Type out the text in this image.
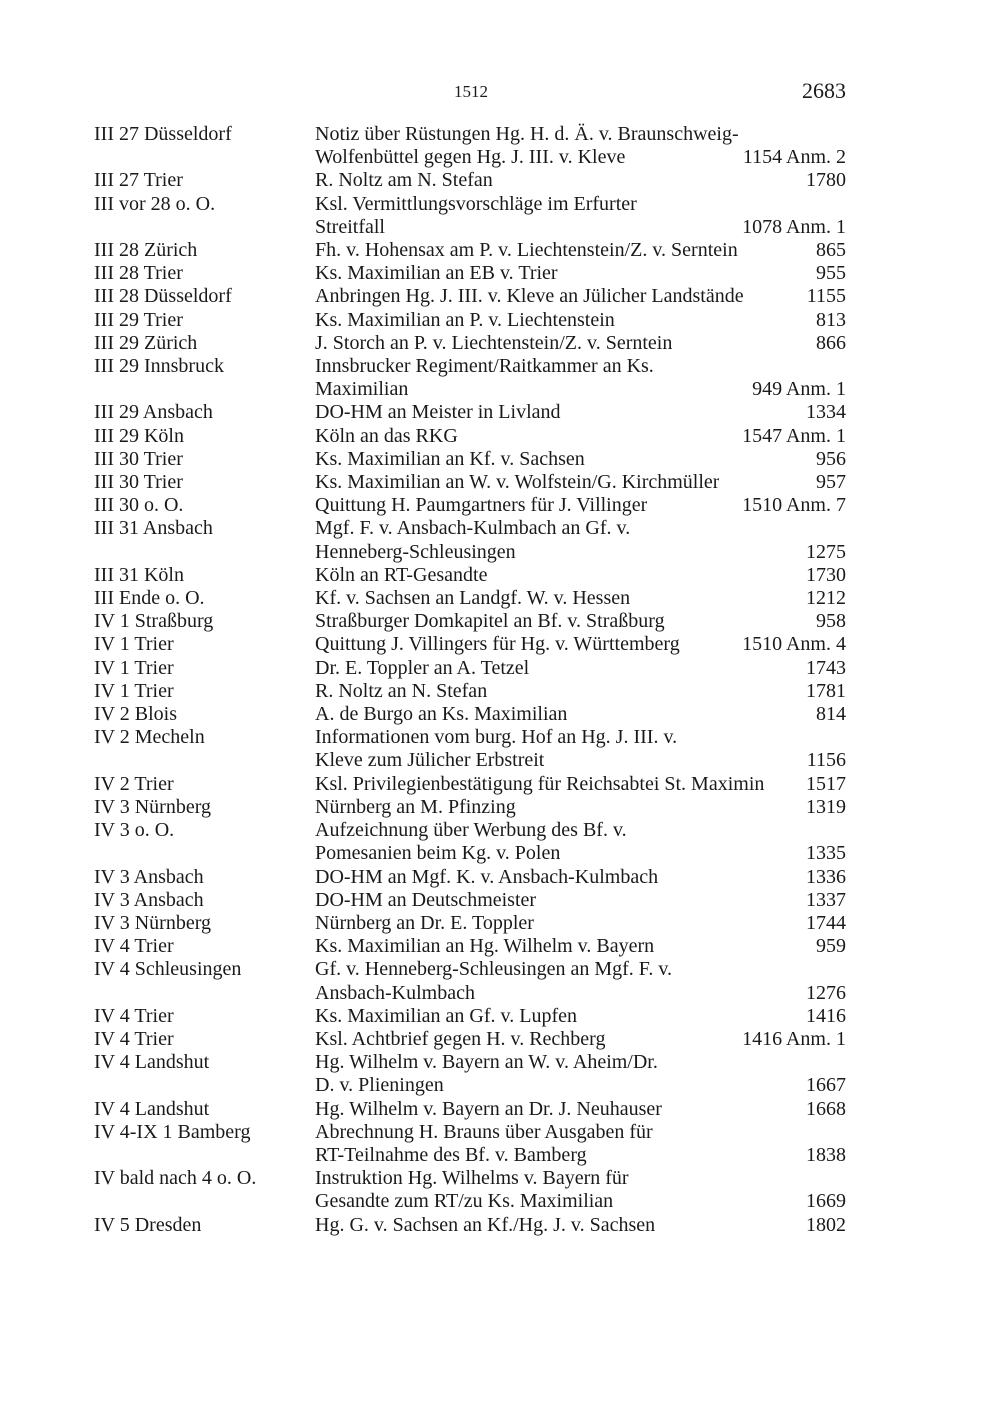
1512	2683
III 27 Düsseldorf	Notiz über Rüstungen Hg. H. d. Ä. v. Braunschweig-
Wolfenbüttel gegen Hg. J. III. v. Kleve	1154 Anm. 2
III 27 Trier	R. Noltz am N. Stefan	1780
III vor 28 o. O.	Ksl. Vermittlungsvorschläge im Erfurter
Streitfall	1078 Anm. 1
III 28 Zürich	Fh. v. Hohensax am P. v. Liechtenstein/Z. v. Serntein	865
III 28 Trier	Ks. Maximilian an EB v. Trier	955
III 28 Düsseldorf	Anbringen Hg. J. III. v. Kleve an Jülicher Landstände	1155
III 29 Trier	Ks. Maximilian an P. v. Liechtenstein	813
III 29 Zürich	J. Storch an P. v. Liechtenstein/Z. v. Serntein	866
III 29 Innsbruck	Innsbrucker Regiment/Raitkammer an Ks.
Maximilian	949 Anm. 1
III 29 Ansbach	DO-HM an Meister in Livland	1334
III 29 Köln	Köln an das RKG	1547 Anm. 1
III 30 Trier	Ks. Maximilian an Kf. v. Sachsen	956
III 30 Trier	Ks. Maximilian an W. v. Wolfstein/G. Kirchmüller	957
III 30 o. O.	Quittung H. Paumgartners für J. Villinger	1510 Anm. 7
III 31 Ansbach	Mgf. F. v. Ansbach-Kulmbach an Gf. v.
Henneberg-Schleusingen	1275
III 31 Köln	Köln an RT-Gesandte	1730
III Ende o. O.	Kf. v. Sachsen an Landgf. W. v. Hessen	1212
IV 1 Straßburg	Straßburger Domkapitel an Bf. v. Straßburg	958
IV 1 Trier	Quittung J. Villingers für Hg. v. Württemberg	1510 Anm. 4
IV 1 Trier	Dr. E. Toppler an A. Tetzel	1743
IV 1 Trier	R. Noltz an N. Stefan	1781
IV 2 Blois	A. de Burgo an Ks. Maximilian	814
IV 2 Mecheln	Informationen vom burg. Hof an Hg. J. III. v.
Kleve zum Jülicher Erbstreit	1156
IV 2 Trier	Ksl. Privilegienbestätigung für Reichsabtei St. Maximin	1517
IV 3 Nürnberg	Nürnberg an M. Pfinzing	1319
IV 3 o. O.	Aufzeichnung über Werbung des Bf. v.
Pomesanien beim Kg. v. Polen	1335
IV 3 Ansbach	DO-HM an Mgf. K. v. Ansbach-Kulmbach	1336
IV 3 Ansbach	DO-HM an Deutschmeister	1337
IV 3 Nürnberg	Nürnberg an Dr. E. Toppler	1744
IV 4 Trier	Ks. Maximilian an Hg. Wilhelm v. Bayern	959
IV 4 Schleusingen	Gf. v. Henneberg-Schleusingen an Mgf. F. v.
Ansbach-Kulmbach	1276
IV 4 Trier	Ks. Maximilian an Gf. v. Lupfen	1416
IV 4 Trier	Ksl. Achtbrief gegen H. v. Rechberg	1416 Anm. 1
IV 4 Landshut	Hg. Wilhelm v. Bayern an W. v. Aheim/Dr.
D. v. Plieningen	1667
IV 4 Landshut	Hg. Wilhelm v. Bayern an Dr. J. Neuhauser	1668
IV 4-IX 1 Bamberg	Abrechnung H. Brauns über Ausgaben für
RT-Teilnahme des Bf. v. Bamberg	1838
IV bald nach 4 o. O.	Instruktion Hg. Wilhelms v. Bayern für
Gesandte zum RT/zu Ks. Maximilian	1669
IV 5 Dresden	Hg. G. v. Sachsen an Kf./Hg. J. v. Sachsen	1802
